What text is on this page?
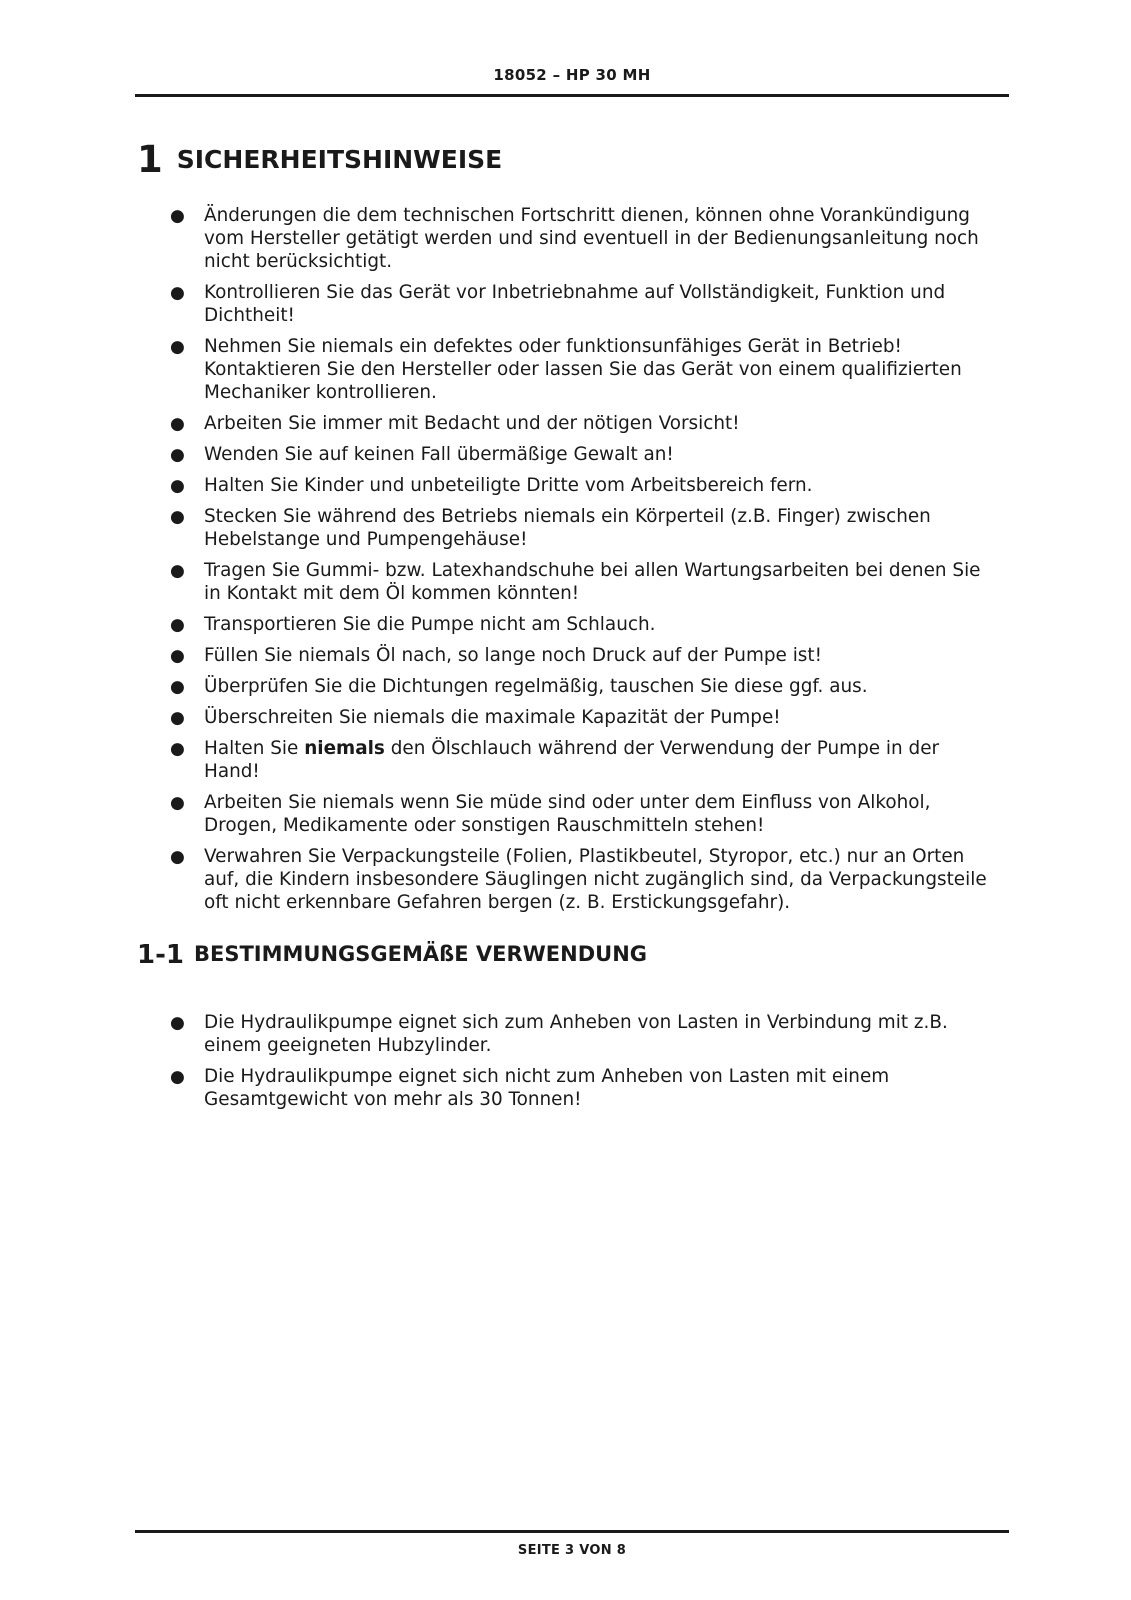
18052 – HP 30 MH
1 SICHERHEITSHINWEISE
● Änderungen die dem technischen Fortschritt dienen, können ohne Vorankündigung vom Hersteller getätigt werden und sind eventuell in der Bedienungsanleitung noch nicht berücksichtigt.
● Kontrollieren Sie das Gerät vor Inbetriebnahme auf Vollständigkeit, Funktion und Dichtheit!
● Nehmen Sie niemals ein defektes oder funktionsunfähiges Gerät in Betrieb! Kontaktieren Sie den Hersteller oder lassen Sie das Gerät von einem qualifizierten Mechaniker kontrollieren.
● Arbeiten Sie immer mit Bedacht und der nötigen Vorsicht!
● Wenden Sie auf keinen Fall übermäßige Gewalt an!
● Halten Sie Kinder und unbeteiligte Dritte vom Arbeitsbereich fern.
● Stecken Sie während des Betriebs niemals ein Körperteil (z.B. Finger) zwischen Hebelstange und Pumpengehäuse!
● Tragen Sie Gummi- bzw. Latexhandschuhe bei allen Wartungsarbeiten bei denen Sie in Kontakt mit dem Öl kommen könnten!
● Transportieren Sie die Pumpe nicht am Schlauch.
● Füllen Sie niemals Öl nach, so lange noch Druck auf der Pumpe ist!
● Überprüfen Sie die Dichtungen regelmäßig, tauschen Sie diese ggf. aus.
● Überschreiten Sie niemals die maximale Kapazität der Pumpe!
● Halten Sie niemals den Ölschlauch während der Verwendung der Pumpe in der Hand!
● Arbeiten Sie niemals wenn Sie müde sind oder unter dem Einfluss von Alkohol, Drogen, Medikamente oder sonstigen Rauschmitteln stehen!
● Verwahren Sie Verpackungsteile (Folien, Plastikbeutel, Styropor, etc.) nur an Orten auf, die Kindern insbesondere Säuglingen nicht zugänglich sind, da Verpackungsteile oft nicht erkennbare Gefahren bergen (z. B. Erstickungsgefahr).
1-1 BESTIMMUNGSGEMÄßE VERWENDUNG
● Die Hydraulikpumpe eignet sich zum Anheben von Lasten in Verbindung mit z.B. einem geeigneten Hubzylinder.
● Die Hydraulikpumpe eignet sich nicht zum Anheben von Lasten mit einem Gesamtgewicht von mehr als 30 Tonnen!
SEITE 3 VON 8
